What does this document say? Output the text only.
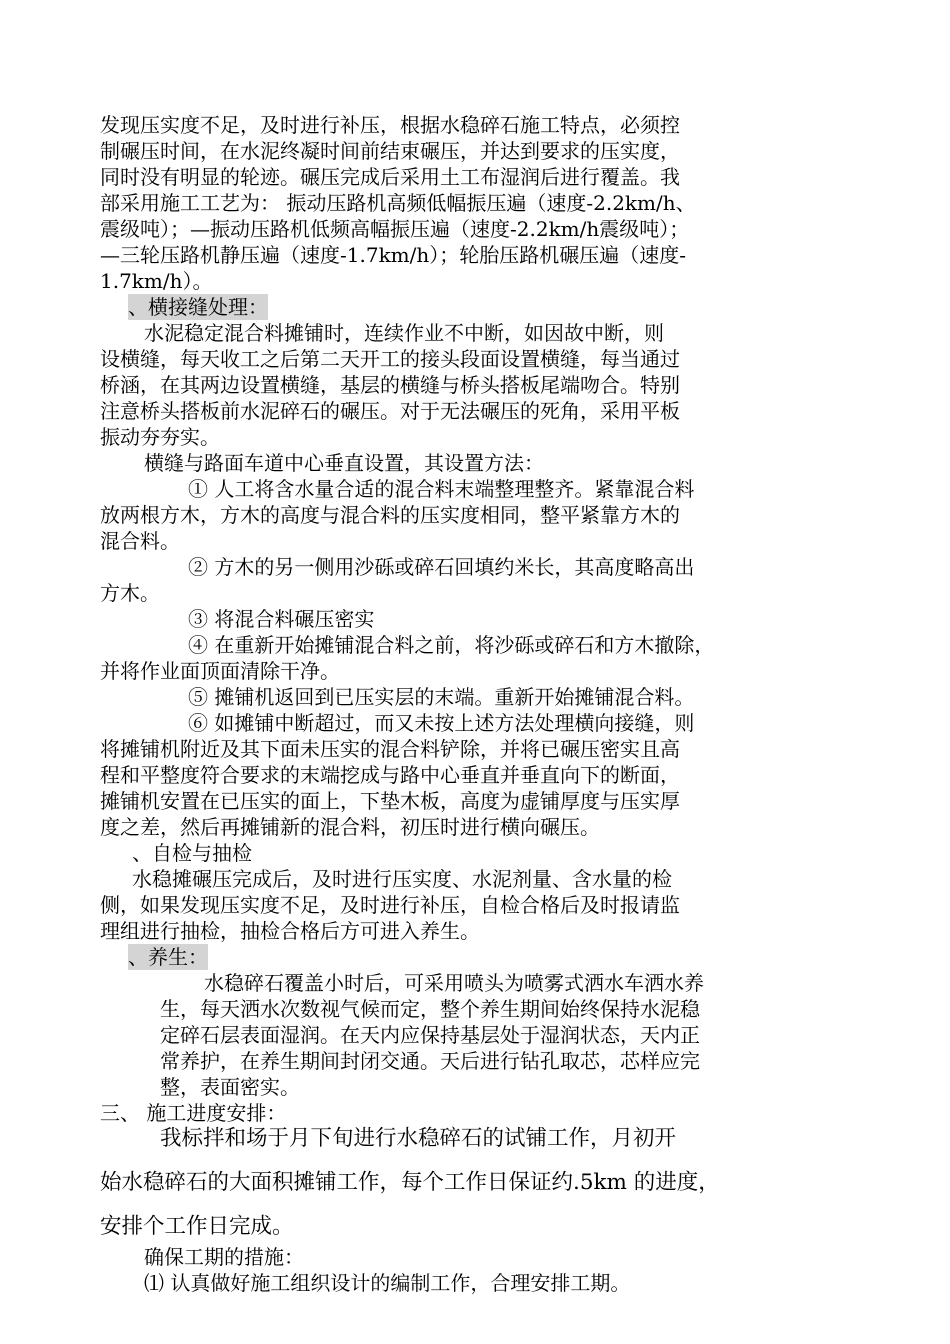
发现压实度不足，及时进行补压，根据水稳碎石施工特点，必须控
制碾压时间，在水泥终凝时间前结束碾压，并达到要求的压实度，
同时没有明显的轮迹。碾压完成后采用土工布湿润后进行覆盖。我
部采用施工工艺为： 振动压路机高频低幅振压遍（速度-2.2km/h、
震级吨）；—振动压路机低频高幅振压遍（速度-2.2km/h震级吨）；
—三轮压路机静压遍（速度-1.7km/h）；轮胎压路机碾压遍（速度-
1.7km/h）。
、横接缝处理：
水泥稳定混合料摊铺时，连续作业不中断，如因故中断，则
设横缝，每天收工之后第二天开工的接头段面设置横缝，每当通过
桥涵，在其两边设置横缝，基层的横缝与桥头搭板尾端吻合。特别
注意桥头搭板前水泥碎石的碾压。对于无法碾压的死角，采用平板
振动夯夯实。
横缝与路面车道中心垂直设置，其设置方法：
① 人工将含水量合适的混合料末端整理整齐。紧靠混合料
放两根方木，方木的高度与混合料的压实度相同，整平紧靠方木的
混合料。
② 方木的另一侧用沙砾或碎石回填约米长，其高度略高出
方木。
③ 将混合料碾压密实
④ 在重新开始摊铺混合料之前，将沙砾或碎石和方木撤除，
并将作业面顶面清除干净。
⑤ 摊铺机返回到已压实层的末端。重新开始摊铺混合料。
⑥ 如摊铺中断超过，而又未按上述方法处理横向接缝，则
将摊铺机附近及其下面未压实的混合料铲除，并将已碾压密实且高
程和平整度符合要求的末端挖成与路中心垂直并垂直向下的断面，
摊铺机安置在已压实的面上，下垫木板，高度为虚铺厚度与压实厚
度之差，然后再摊铺新的混合料，初压时进行横向碾压。
、自检与抽检
水稳摊碾压完成后，及时进行压实度、水泥剂量、含水量的检
侧，如果发现压实度不足，及时进行补压，自检合格后及时报请监
理组进行抽检，抽检合格后方可进入养生。
、养生：
水稳碎石覆盖小时后，可采用喷头为喷雾式洒水车洒水养
生，每天洒水次数视气候而定，整个养生期间始终保持水泥稳
定碎石层表面湿润。在天内应保持基层处于湿润状态，天内正
常养护，在养生期间封闭交通。天后进行钻孔取芯，芯样应完
整，表面密实。
三、 施工进度安排：
我标拌和场于月下旬进行水稳碎石的试铺工作，月初开
始水稳碎石的大面积摊铺工作，每个工作日保证约.5km 的进度，
安排个工作日完成。
确保工期的措施：
⑴ 认真做好施工组织设计的编制工作，合理安排工期。
